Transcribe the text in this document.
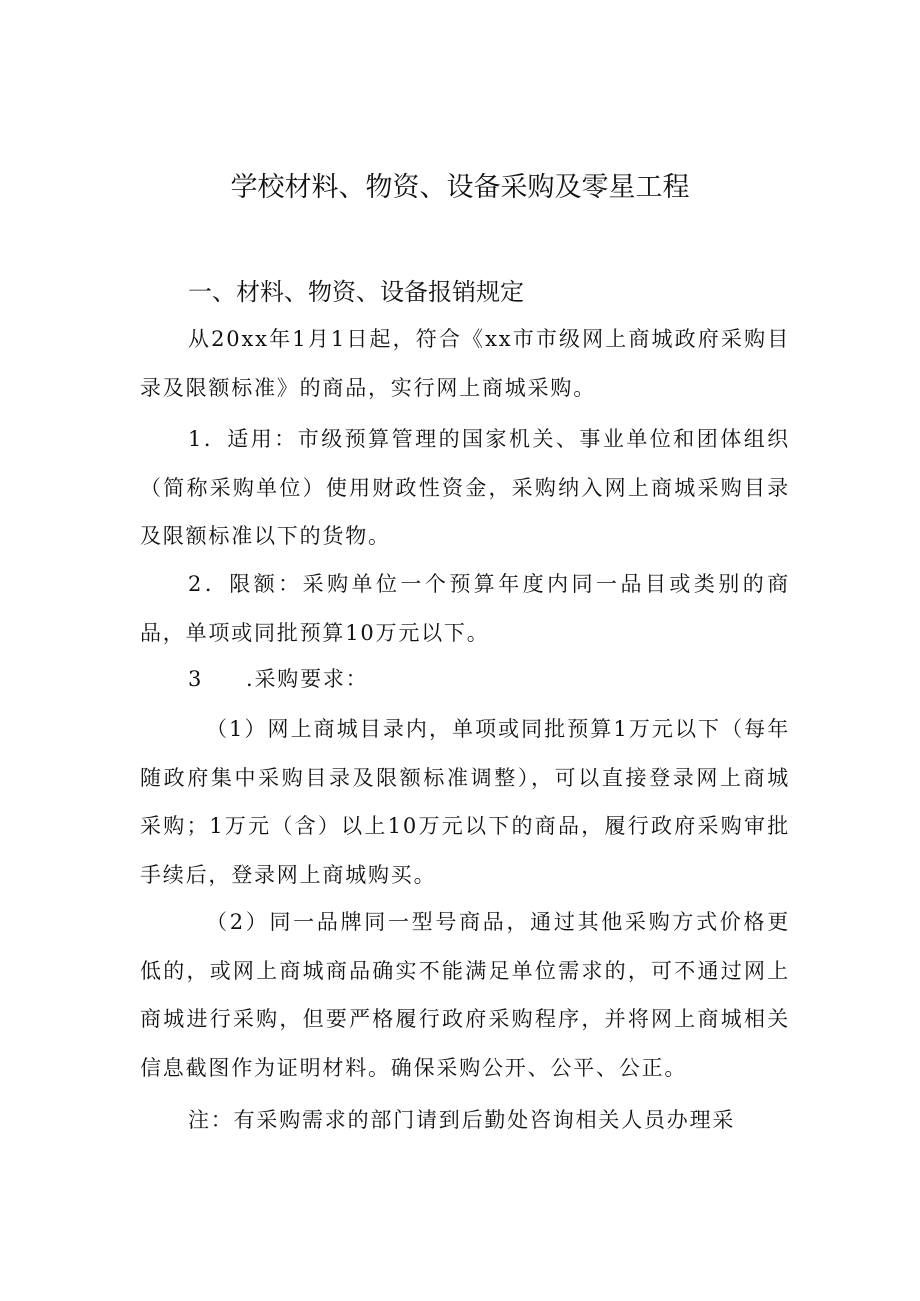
学校材料、物资、设备采购及零星工程
一、材料、物资、设备报销规定

从20xx年1月1日起，符合《xx市市级网上商城政府采购目录及限额标准》的商品，实行网上商城采购。

1．适用：市级预算管理的国家机关、事业单位和团体组织（简称采购单位）使用财政性资金，采购纳入网上商城采购目录及限额标准以下的货物。

2．限额：采购单位一个预算年度内同一品目或类别的商品，单项或同批预算10万元以下。

3 .采购要求：

（1）网上商城目录内，单项或同批预算1万元以下（每年随政府集中采购目录及限额标准调整），可以直接登录网上商城采购；1万元（含）以上10万元以下的商品，履行政府采购审批手续后，登录网上商城购买。

（2）同一品牌同一型号商品，通过其他采购方式价格更低的，或网上商城商品确实不能满足单位需求的，可不通过网上商城进行采购，但要严格履行政府采购程序，并将网上商城相关信息截图作为证明材料。确保采购公开、公平、公正。

注：有采购需求的部门请到后勤处咨询相关人员办理采
